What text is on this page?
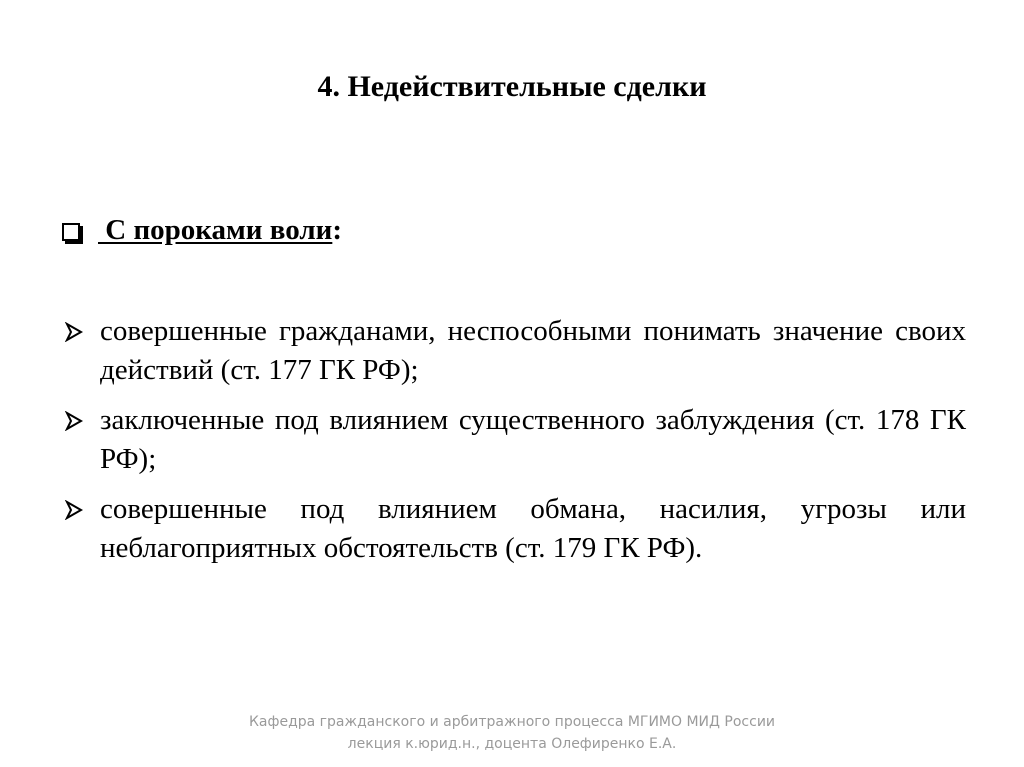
4. Недействительные сделки
С пороками воли :
совершенные гражданами, неспособными понимать значение своих действий (ст. 177 ГК РФ);
заключенные под влиянием существенного заблуждения (ст. 178 ГК РФ);
совершенные под влиянием обмана, насилия, угрозы или неблагоприятных обстоятельств (ст. 179 ГК РФ).
Кафедра гражданского и арбитражного процесса МГИМО МИД России
лекция к.юрид.н., доцента Олефиренко Е.А.
